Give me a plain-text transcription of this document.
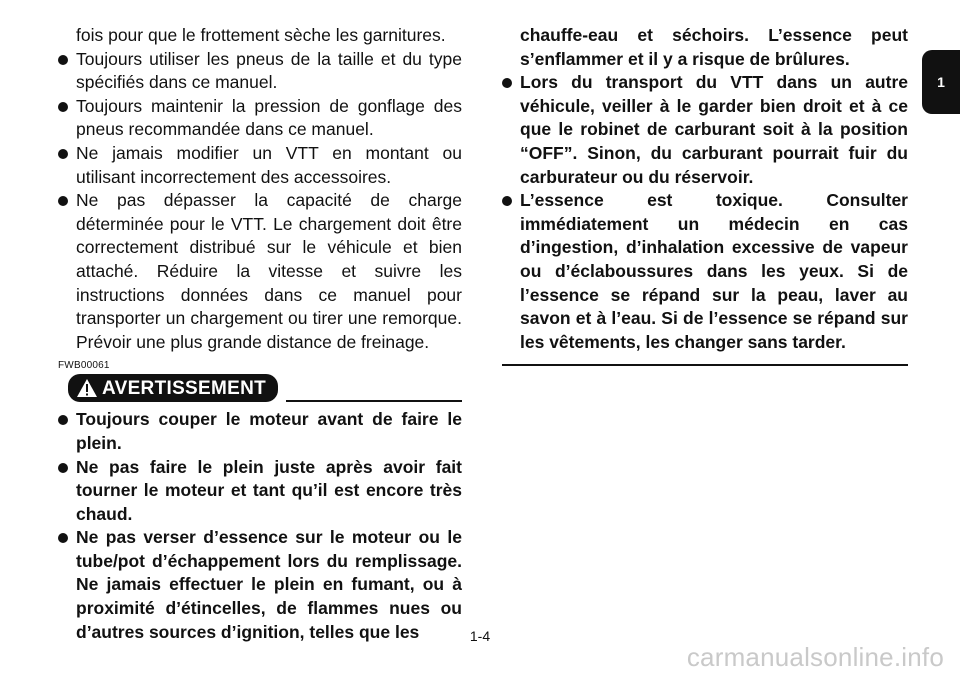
fois pour que le frottement sèche les garnitures.
Toujours utiliser les pneus de la taille et du type spécifiés dans ce manuel.
Toujours maintenir la pression de gonflage des pneus recommandée dans ce manuel.
Ne jamais modifier un VTT en montant ou utilisant incorrectement des accessoires.
Ne pas dépasser la capacité de charge déterminée pour le VTT. Le chargement doit être correctement distribué sur le véhicule et bien attaché. Réduire la vitesse et suivre les instructions données dans ce manuel pour transporter un chargement ou tirer une remorque. Prévoir une plus grande distance de freinage.
FWB00061
AVERTISSEMENT
Toujours couper le moteur avant de faire le plein.
Ne pas faire le plein juste après avoir fait tourner le moteur et tant qu’il est encore très chaud.
Ne pas verser d’essence sur le moteur ou le tube/pot d’échappement lors du remplissage. Ne jamais effectuer le plein en fumant, ou à proximité d’étincelles, de flammes nues ou d’autres sources d’ignition, telles que les
chauffe-eau et séchoirs. L’essence peut s’enflammer et il y a risque de brûlures.
Lors du transport du VTT dans un autre véhicule, veiller à le garder bien droit et à ce que le robinet de carburant soit à la position “OFF”. Sinon, du carburant pourrait fuir du carburateur ou du réservoir.
L’essence est toxique. Consulter immédiatement un médecin en cas d’ingestion, d’inhalation excessive de vapeur ou d’éclaboussures dans les yeux. Si de l’essence se répand sur la peau, laver au savon et à l’eau. Si de l’essence se répand sur les vêtements, les changer sans tarder.
1
1-4
carmanualsonline.info
